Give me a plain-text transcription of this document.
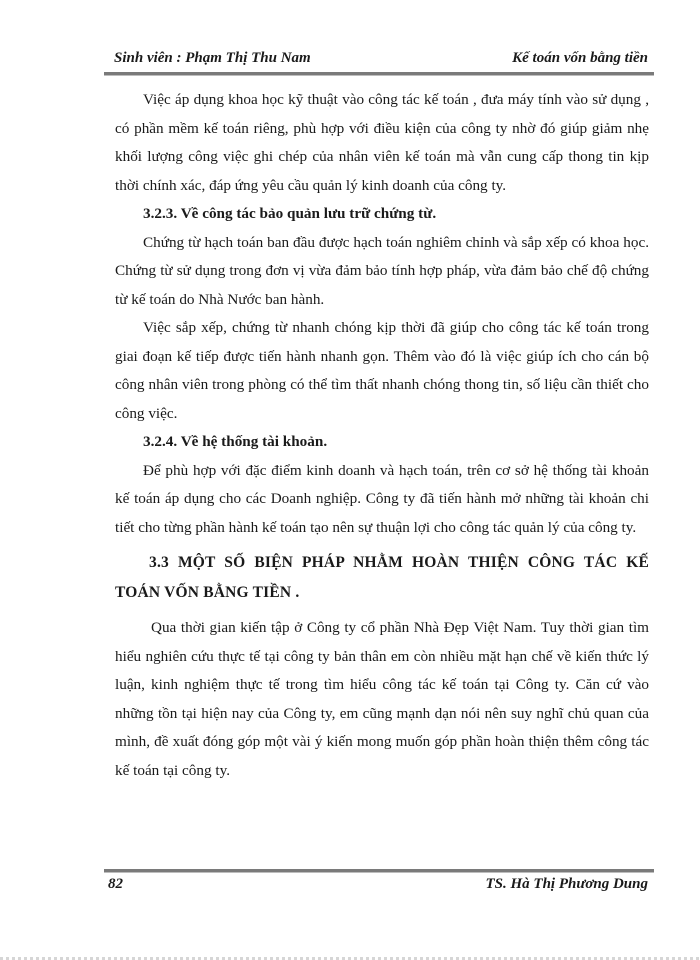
Sinh viên : Phạm Thị Thu Nam	Kế toán vốn bằng tiền

Việc áp dụng khoa học kỹ thuật vào công tác kế toán , đưa máy tính vào sử dụng , có phần mềm kế toán riêng, phù hợp với điều kiện của công ty nhờ đó giúp giảm nhẹ khối lượng công việc ghi chép của nhân viên kế toán mà vẫn cung cấp thong tin kịp thời chính xác, đáp ứng yêu cầu quản lý kinh doanh của công ty.

3.2.3. Về công tác bảo quản lưu trữ chứng từ.

Chứng từ hạch toán ban đầu được hạch toán nghiêm chỉnh và sắp xếp có khoa học. Chứng từ sử dụng trong đơn vị vừa đảm bảo tính hợp pháp, vừa đảm bảo chế độ chứng từ kế toán do Nhà Nước ban hành.

Việc sắp xếp, chứng từ nhanh chóng kịp thời đã giúp cho công tác kế toán trong giai đoạn kế tiếp được tiến hành nhanh gọn. Thêm vào đó là việc giúp ích cho cán bộ công nhân viên trong phòng có thể tìm thất nhanh chóng thong tin, số liệu cần thiết cho công việc.

3.2.4. Về hệ thống tài khoản.

Để phù hợp với đặc điểm kinh doanh và hạch toán, trên cơ sở hệ thống tài khoản kế toán áp dụng cho các Doanh nghiệp. Công ty đã tiến hành mở những tài khoản chi tiết cho từng phần hành kế toán tạo nên sự thuận lợi cho công tác quản lý của công ty.

3.3 MỘT SỐ BIỆN PHÁP NHẰM HOÀN THIỆN CÔNG TÁC KẾ TOÁN VỐN BẰNG TIỀN .

Qua thời gian kiến tập ở Công ty cổ phần Nhà Đẹp Việt Nam. Tuy thời gian tìm hiểu nghiên cứu thực tế tại công ty bản thân em còn nhiều mặt hạn chế về kiến thức lý luận, kinh nghiệm thực tế trong tìm hiểu công tác kế toán tại Công ty. Căn cứ vào những tồn tại hiện nay của Công ty, em cũng mạnh dạn nói nên suy nghĩ chủ quan của mình, đề xuất đóng góp một vài ý kiến mong muốn góp phần hoàn thiện thêm công tác kế toán tại công ty.

82	TS. Hà Thị Phương Dung
